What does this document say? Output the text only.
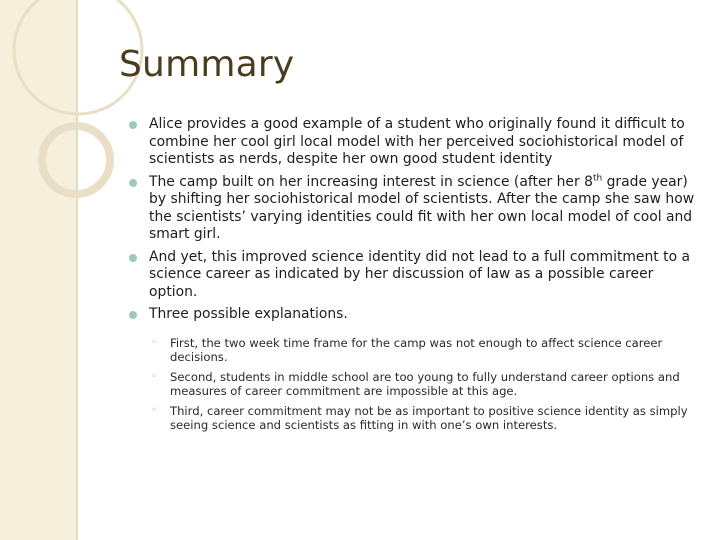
Summary
Alice provides a good example of a student who originally found it difficult to combine her cool girl local model with her perceived sociohistorical model of scientists as nerds, despite her own good student identity
The camp built on her increasing interest in science (after her 8th grade year) by shifting her sociohistorical model of scientists. After the camp she saw how the scientists’ varying identities could fit with her own local model of cool and smart girl.
And yet, this improved science identity did not lead to a full commitment to a science career as indicated by her discussion of law as a possible career option.
Three possible explanations.
◦ First, the two week time frame for the camp was not enough to affect science career decisions.
◦ Second, students in middle school are too young to fully understand career options and measures of career commitment are impossible at this age.
◦ Third, career commitment may not be as important to positive science identity as simply seeing science and scientists as fitting in with one’s own interests.
